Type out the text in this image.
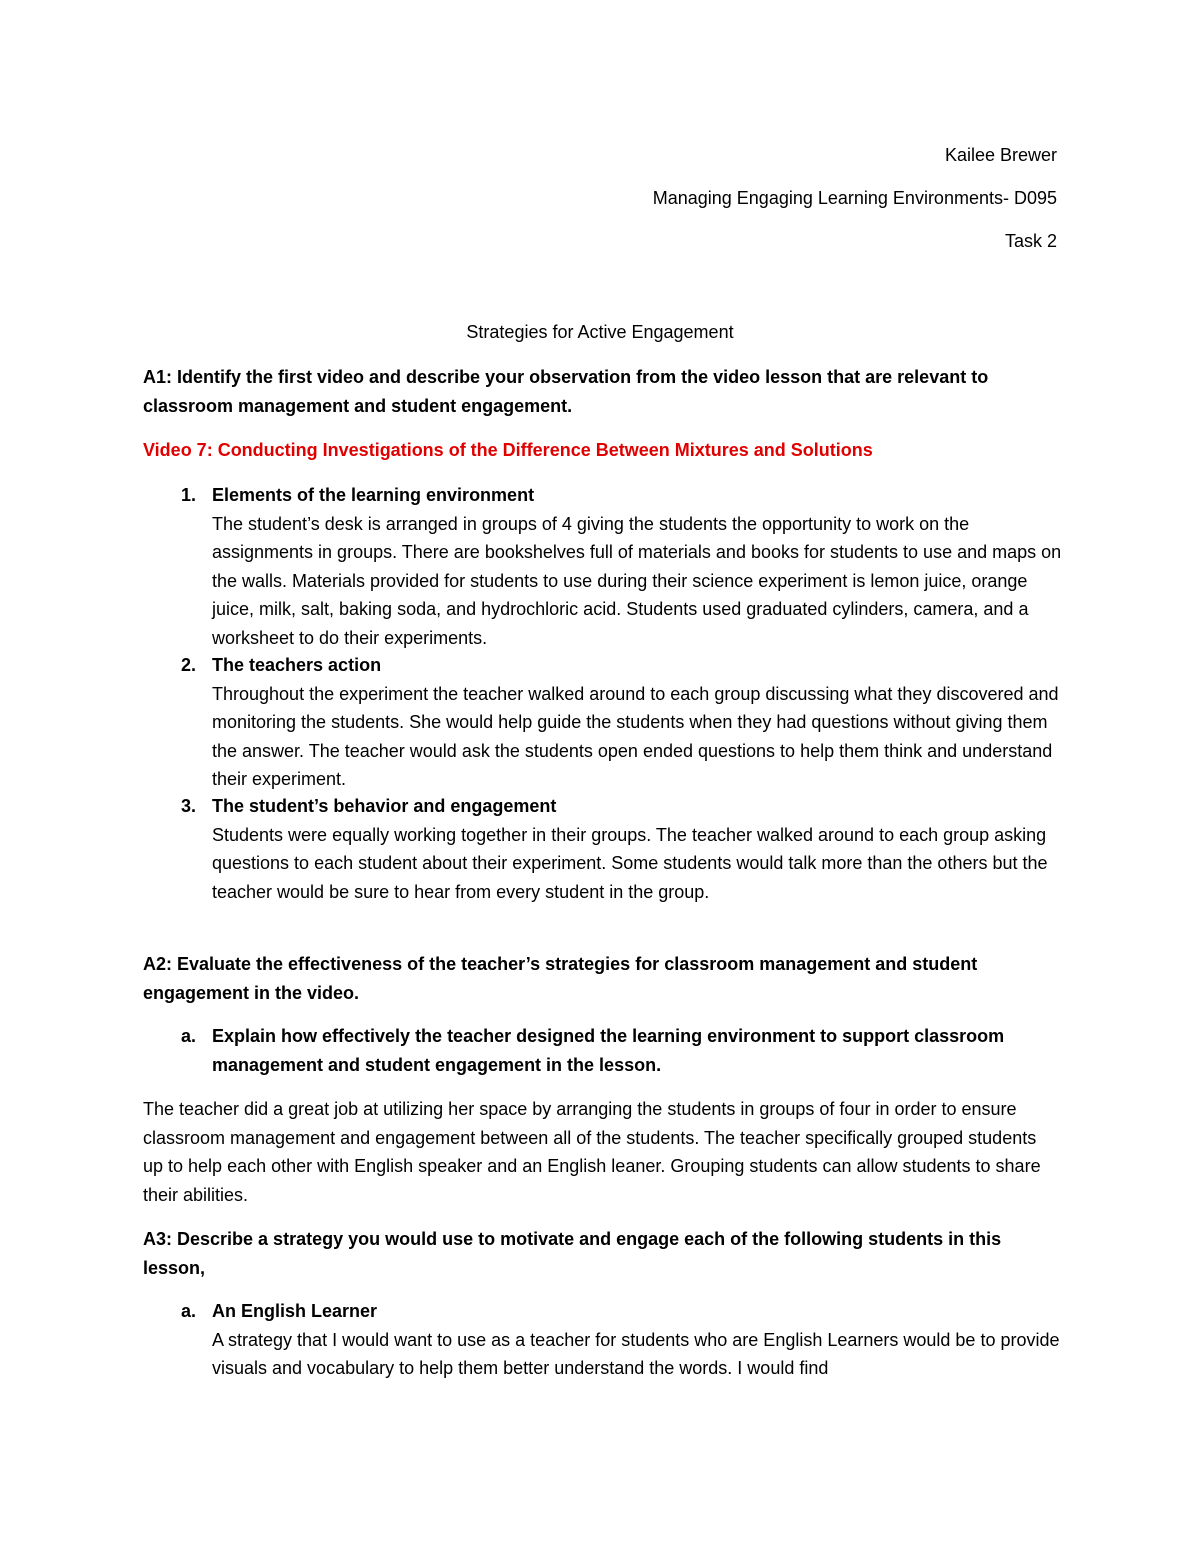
Kailee Brewer
Managing Engaging Learning Environments- D095
Task 2
Strategies for Active Engagement
A1: Identify the first video and describe your observation from the video lesson that are relevant to classroom management and student engagement.
Video 7: Conducting Investigations of the Difference Between Mixtures and Solutions
1. Elements of the learning environment
The student’s desk is arranged in groups of 4 giving the students the opportunity to work on the assignments in groups. There are bookshelves full of materials and books for students to use and maps on the walls. Materials provided for students to use during their science experiment is lemon juice, orange juice, milk, salt, baking soda, and hydrochloric acid. Students used graduated cylinders, camera, and a worksheet to do their experiments.
2. The teachers action
Throughout the experiment the teacher walked around to each group discussing what they discovered and monitoring the students. She would help guide the students when they had questions without giving them the answer. The teacher would ask the students open ended questions to help them think and understand their experiment.
3. The student’s behavior and engagement
Students were equally working together in their groups. The teacher walked around to each group asking questions to each student about their experiment. Some students would talk more than the others but the teacher would be sure to hear from every student in the group.
A2: Evaluate the effectiveness of the teacher’s strategies for classroom management and student engagement in the video.
a. Explain how effectively the teacher designed the learning environment to support classroom management and student engagement in the lesson.
The teacher did a great job at utilizing her space by arranging the students in groups of four in order to ensure classroom management and engagement between all of the students. The teacher specifically grouped students up to help each other with English speaker and an English leaner. Grouping students can allow students to share their abilities.
A3: Describe a strategy you would use to motivate and engage each of the following students in this lesson,
a. An English Learner
A strategy that I would want to use as a teacher for students who are English Learners would be to provide visuals and vocabulary to help them better understand the words. I would find
